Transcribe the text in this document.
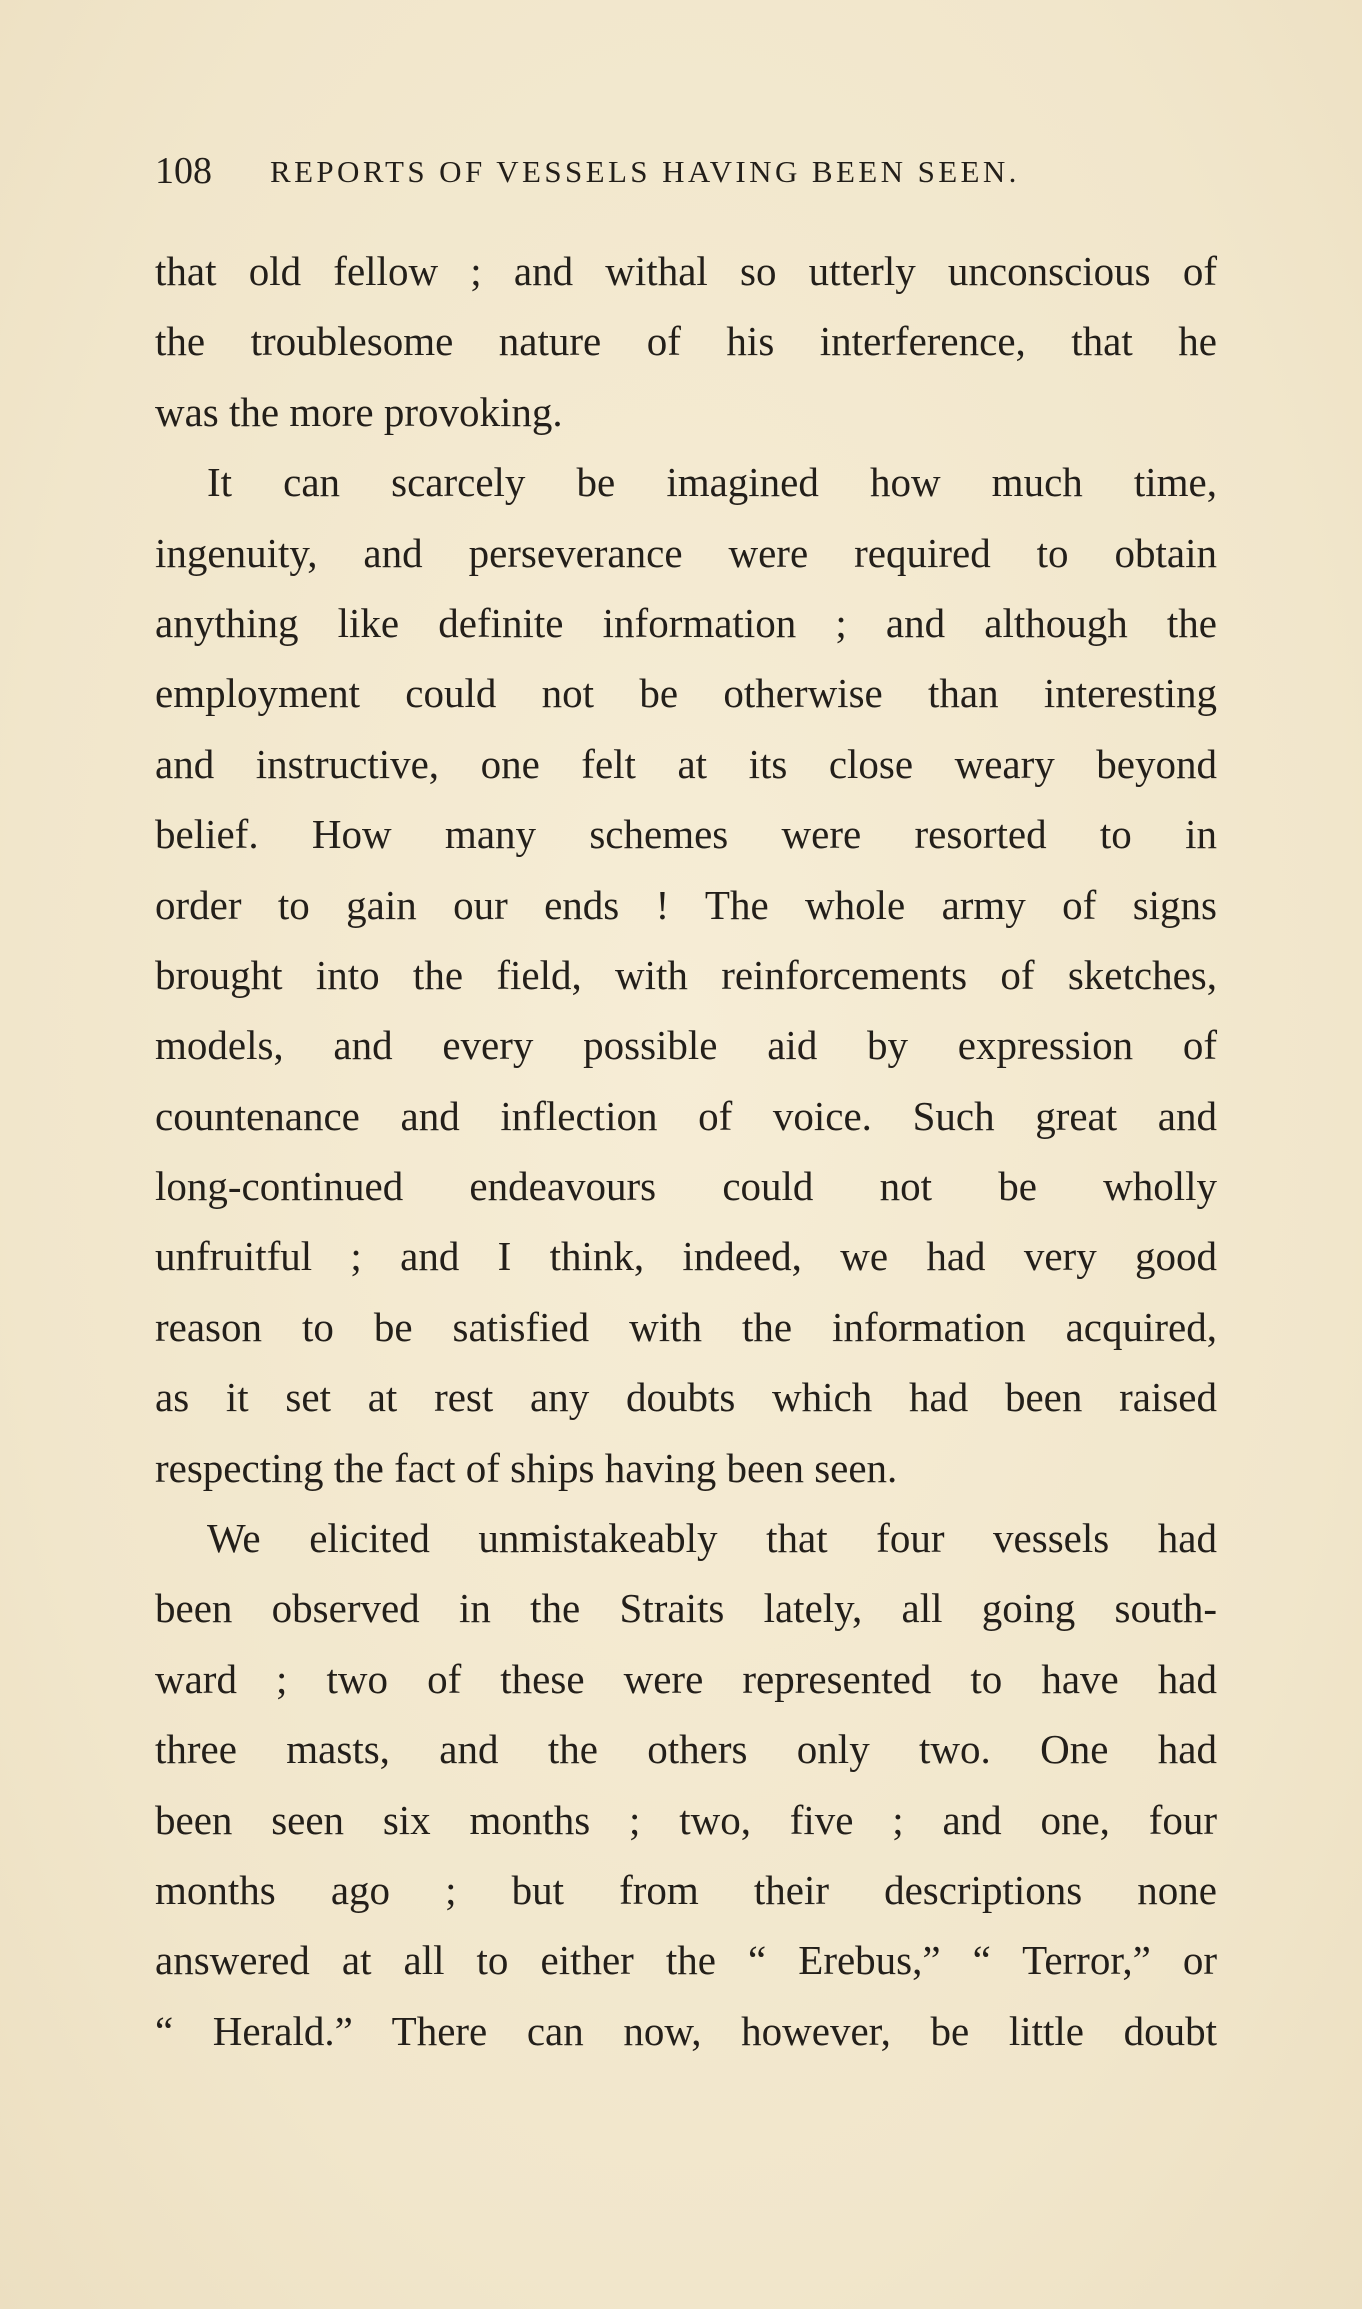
108 REPORTS OF VESSELS HAVING BEEN SEEN.
that old fellow ; and withal so utterly unconscious of
the troublesome nature of his interference, that he
was the more provoking.
It can scarcely be imagined how much time,
ingenuity, and perseverance were required to obtain
anything like definite information ; and although the
employment could not be otherwise than interesting
and instructive, one felt at its close weary beyond
belief. How many schemes were resorted to in
order to gain our ends ! The whole army of signs
brought into the field, with reinforcements of sketches,
models, and every possible aid by expression of
countenance and inflection of voice. Such great and
long-continued endeavours could not be wholly
unfruitful ; and I think, indeed, we had very good
reason to be satisfied with the information acquired,
as it set at rest any doubts which had been raised
respecting the fact of ships having been seen.
We elicited unmistakeably that four vessels had
been observed in the Straits lately, all going south-
ward ; two of these were represented to have had
three masts, and the others only two. One had
been seen six months ; two, five ; and one, four
months ago ; but from their descriptions none
answered at all to either the “ Erebus,” “ Terror,” or
“ Herald.” There can now, however, be little doubt
